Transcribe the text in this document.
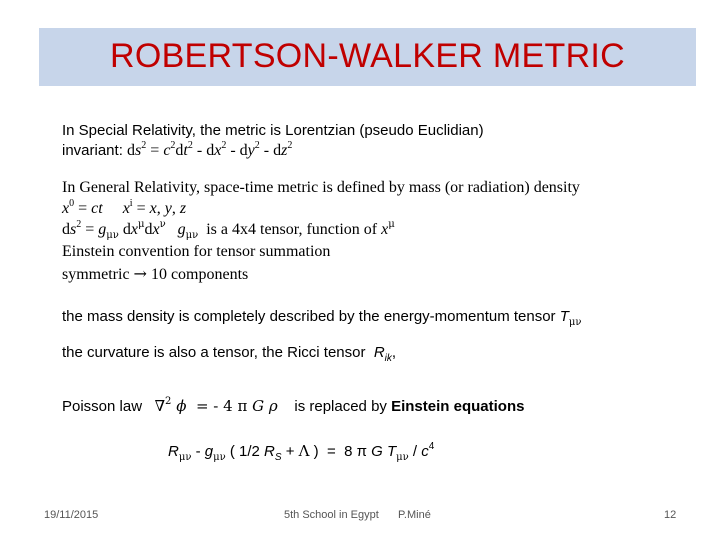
ROBERTSON-WALKER METRIC
In Special Relativity, the metric is Lorentzian (pseudo Euclidian)
invariant: $ds^2 = c^2dt^2 - dx^2 - dy^2 - dz^2$
In General Relativity, space-time metric is defined by mass (or radiation) density
$x^0$ = ct $x^i = x$, y, z
$ds^2 = g_{\mu\nu}$ $dx^\mu dx^\nu$ $g_{\mu\nu}$  is a 4x4 tensor, function of $x^\mu$
Einstein convention for tensor summation
symmetric → 10 components
the mass density is completely described by the energy-momentum tensor $T_{\mu\nu}$
the curvature is also a tensor, the Ricci tensor  $R_{ik}$,
Poisson law ∇$^2$ ϕ  = - 4 π G ρ is replaced by Einstein equations
$R_{\mu\nu} - g_{\mu\nu}$ ( 1/2 $R_S + \Lambda$ )  =  8 π G $T_{\mu\nu} / c^4$
19/11/2015	5th School in Egypt P.Miné	12
